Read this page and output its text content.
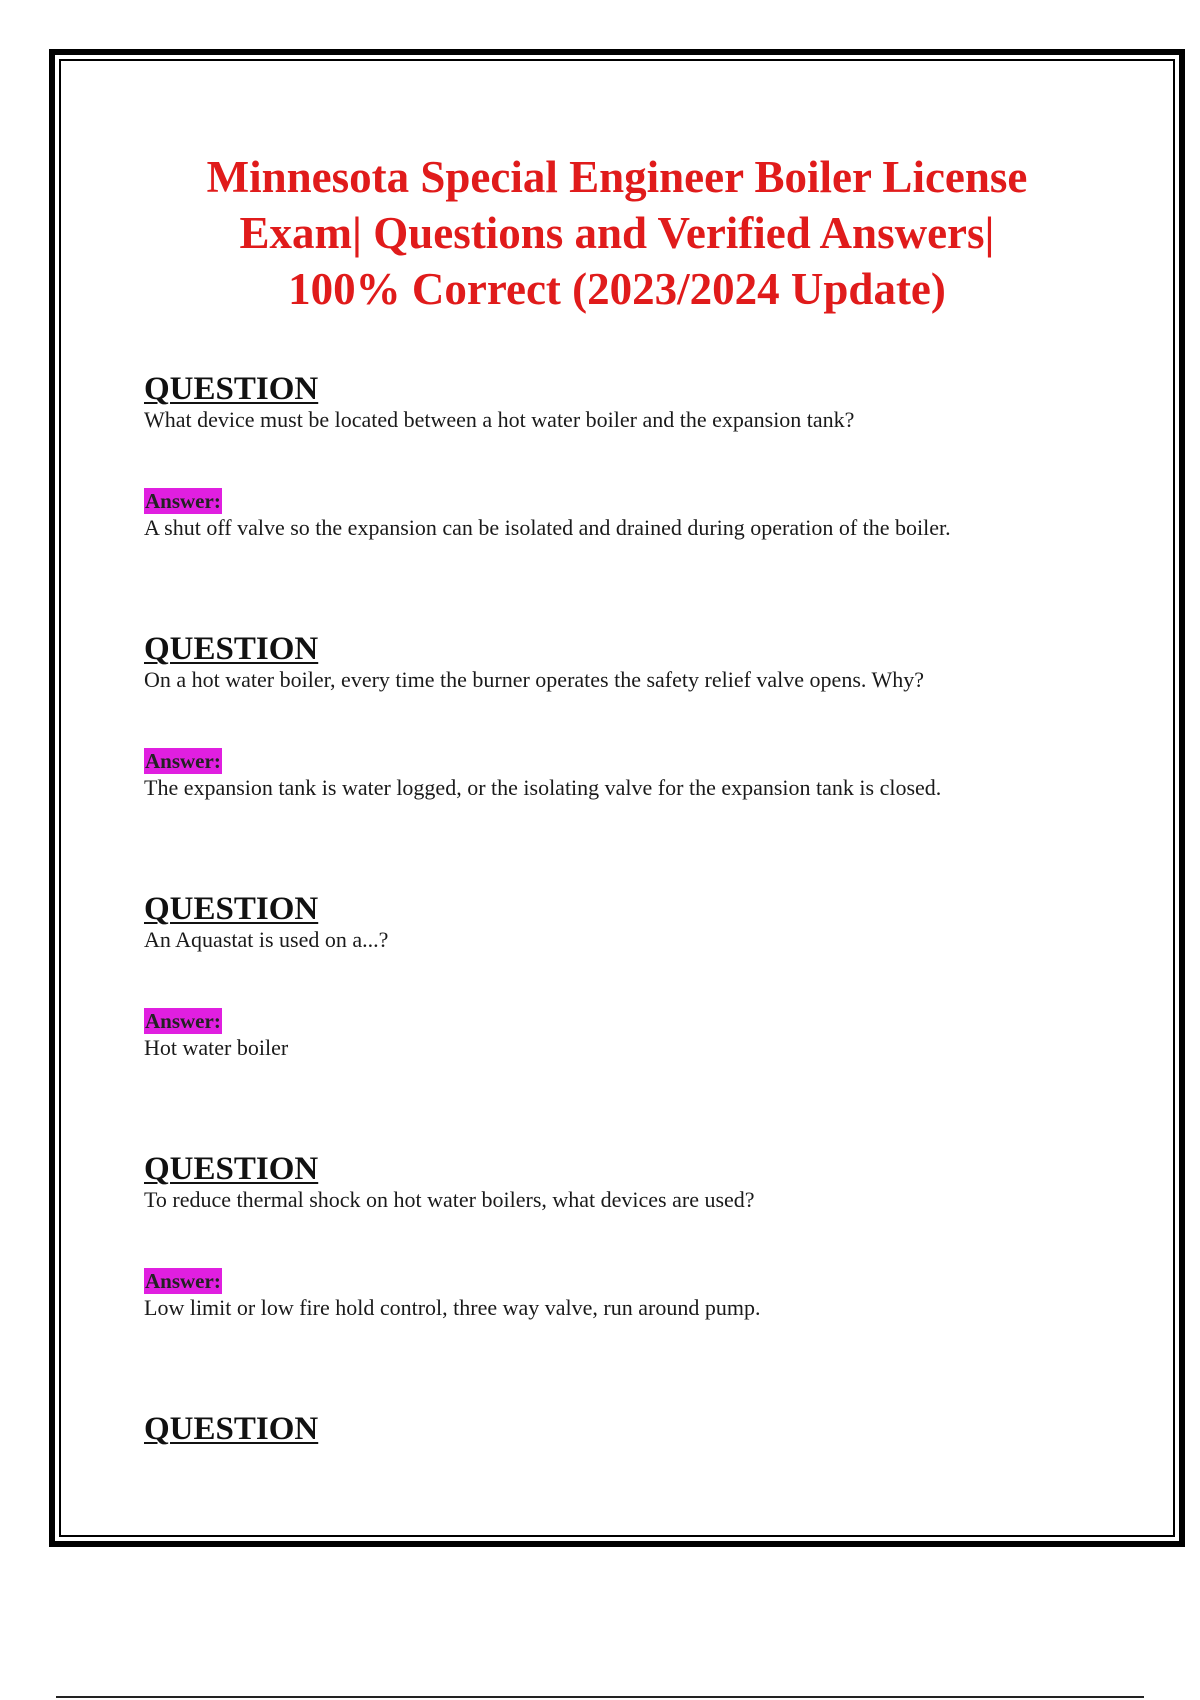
Minnesota Special Engineer Boiler License
Exam| Questions and Verified Answers|
100% Correct (2023/2024 Update)
QUESTION

What device must be located between a hot water boiler and the expansion tank?

Answer:

A shut off valve so the expansion can be isolated and drained during operation of the boiler.

QUESTION

On a hot water boiler, every time the burner operates the safety relief valve opens. Why?

Answer:

The expansion tank is water logged, or the isolating valve for the expansion tank is closed.

QUESTION

An Aquastat is used on a...?

Answer:

Hot water boiler

QUESTION

To reduce thermal shock on hot water boilers, what devices are used?

Answer:

Low limit or low fire hold control, three way valve, run around pump.

QUESTION
